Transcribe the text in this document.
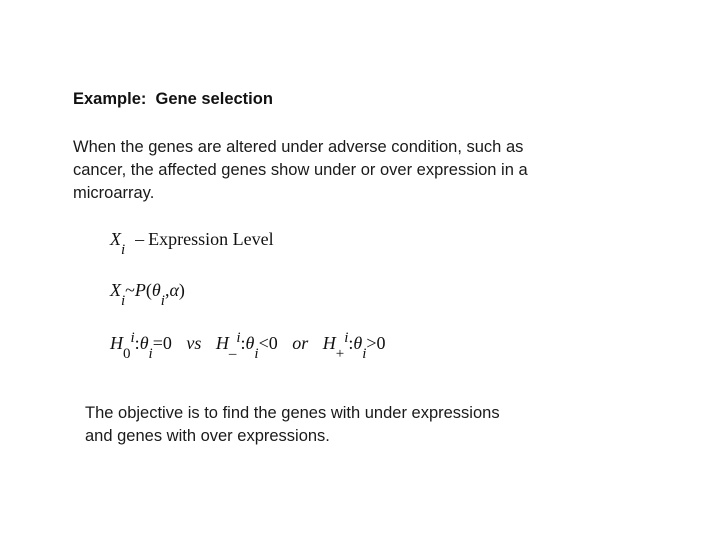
Example:  Gene selection
When the genes are altered under adverse condition, such as
cancer, the affected genes show under or over expression in a
microarray.
$X_i-$ Expression Level
$X_i\sim P(\theta_i,\alpha)$
$H_0^i:\theta_i=0$ vs $H_-^i:\theta_i<0$ or $H_+^i:\theta_i>0$
The objective is to find the genes with under expressions
and genes with over expressions.
